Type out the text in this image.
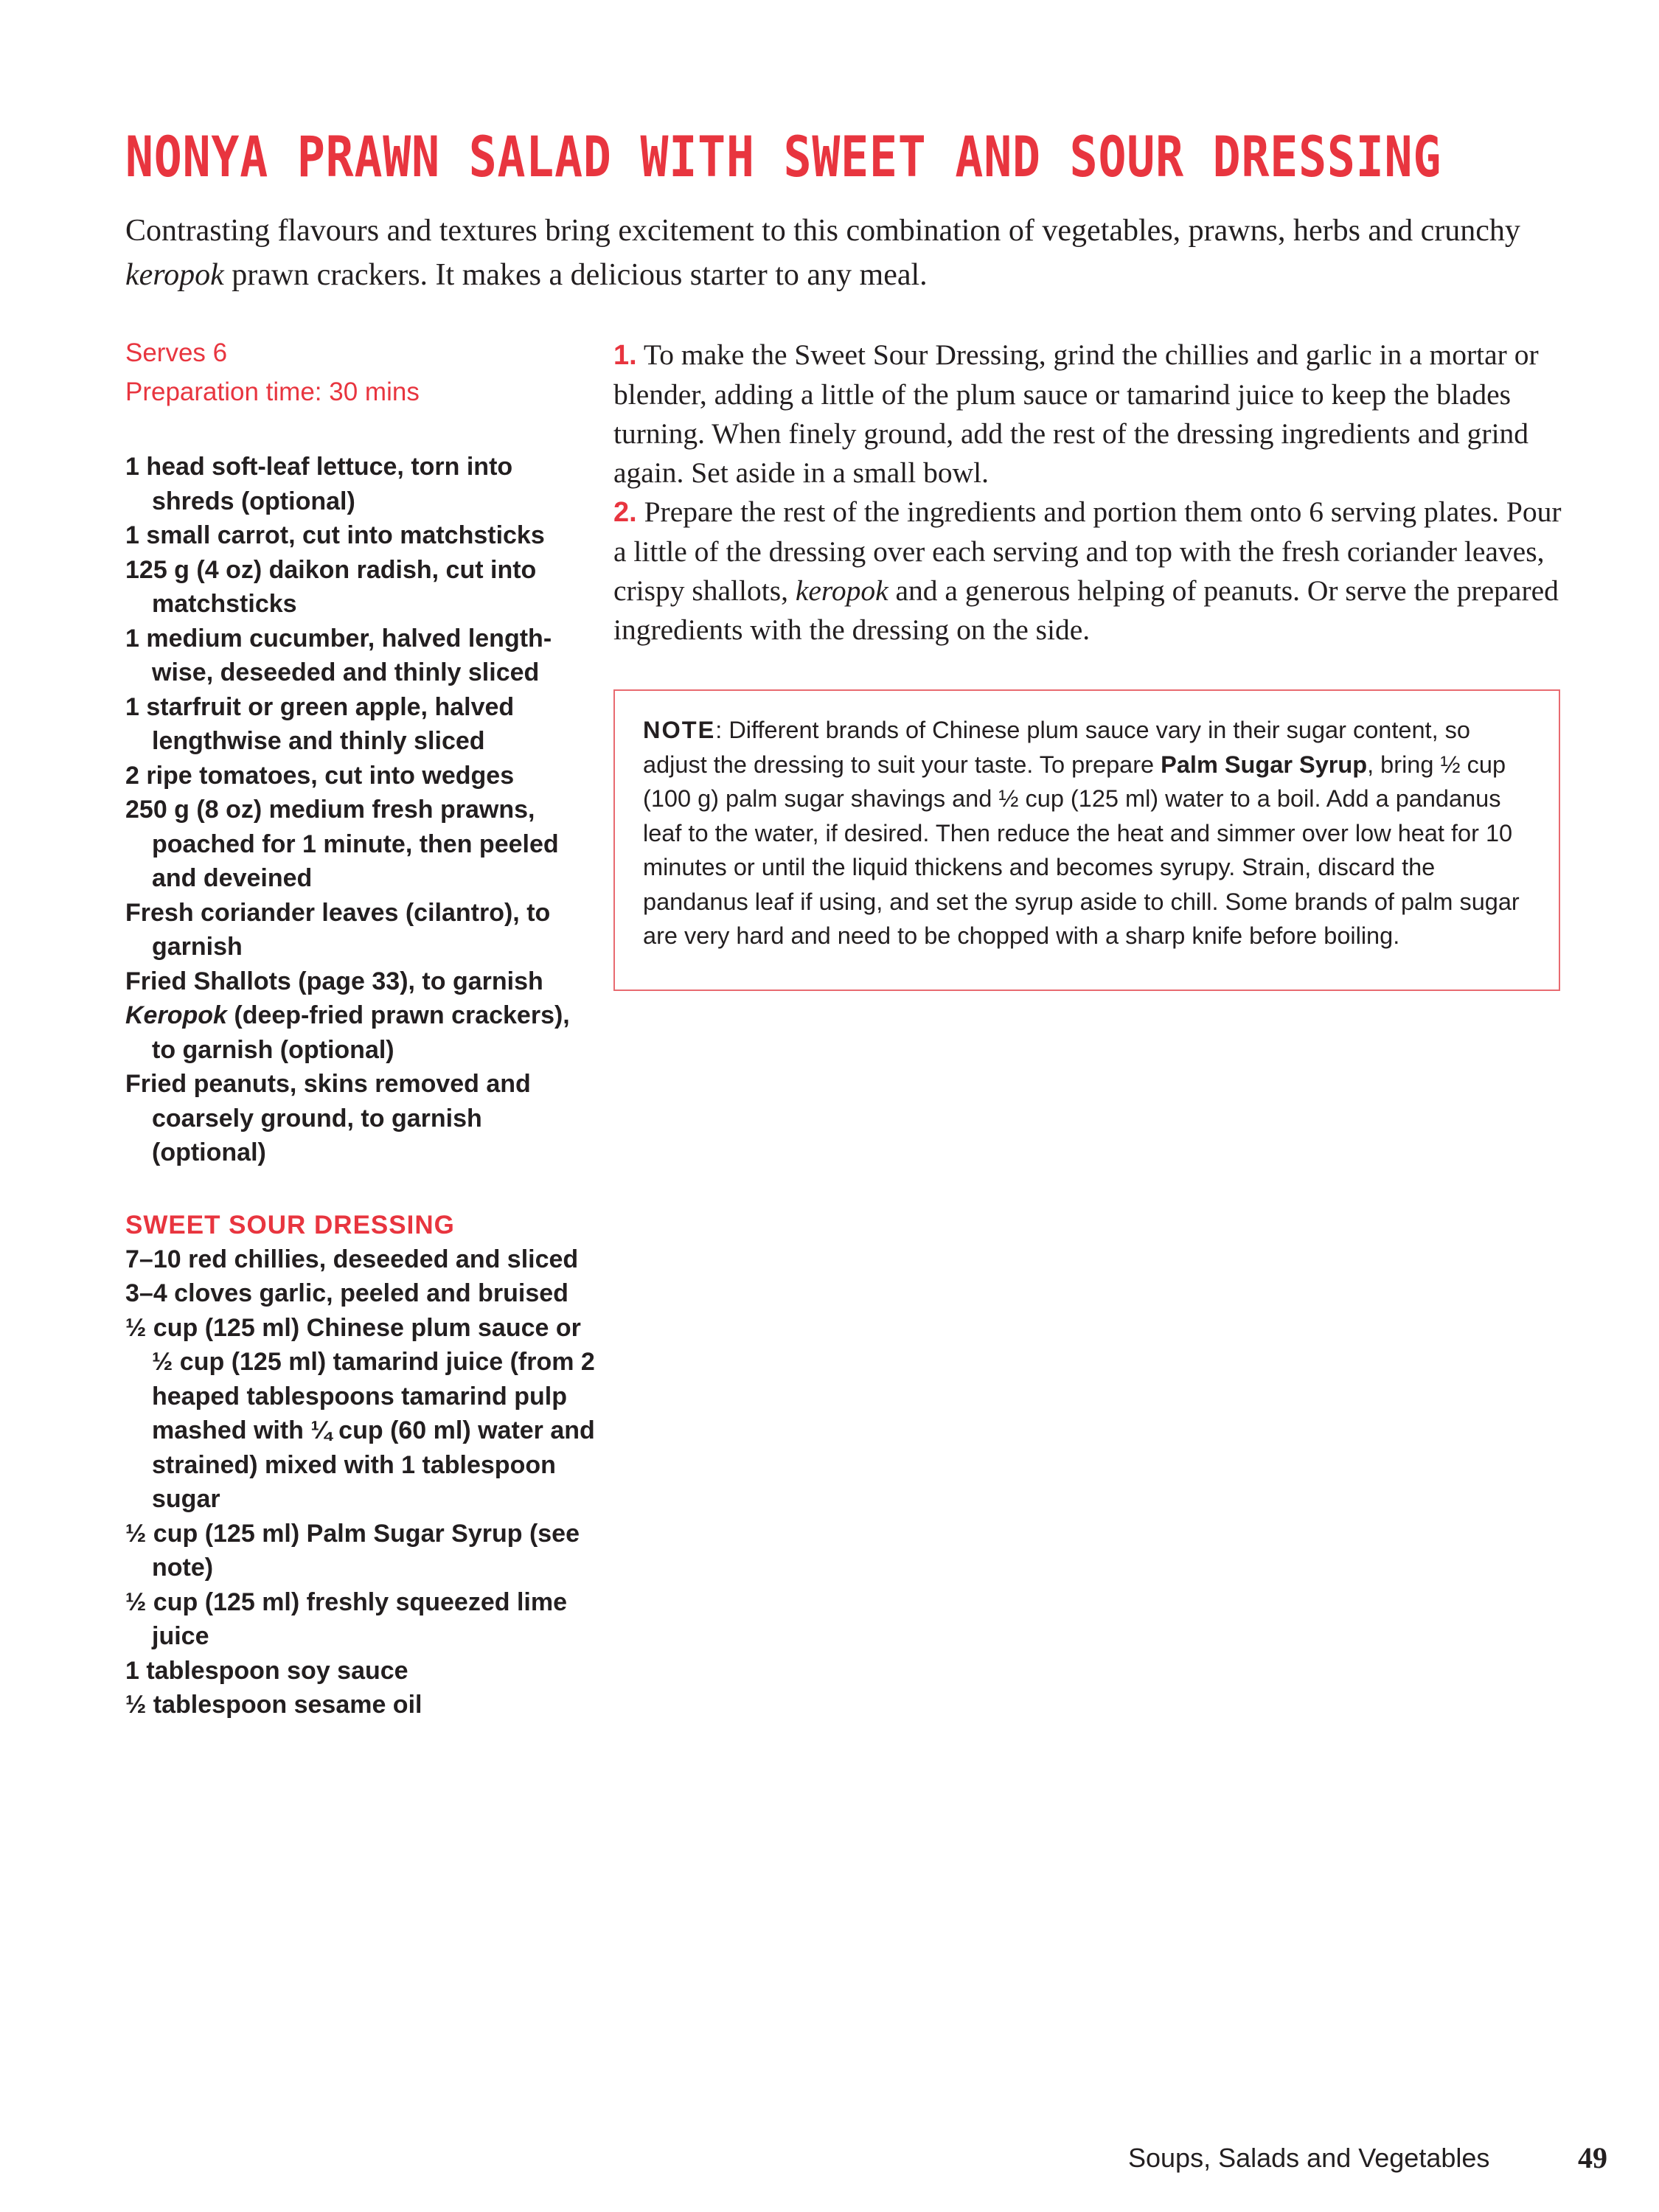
NONYA PRAWN SALAD WITH SWEET AND SOUR DRESSING
Contrasting flavours and textures bring excitement to this combination of vegetables, prawns, herbs and crunchy keropok prawn crackers. It makes a delicious starter to any meal.
Serves 6
Preparation time: 30 mins
1 head soft-leaf lettuce, torn into shreds (optional)
1 small carrot, cut into matchsticks
125 g (4 oz) daikon radish, cut into matchsticks
1 medium cucumber, halved lengthwise, deseeded and thinly sliced
1 starfruit or green apple, halved lengthwise and thinly sliced
2 ripe tomatoes, cut into wedges
250 g (8 oz) medium fresh prawns, poached for 1 minute, then peeled and deveined
Fresh coriander leaves (cilantro), to garnish
Fried Shallots (page 33), to garnish
Keropok (deep-fried prawn crackers), to garnish (optional)
Fried peanuts, skins removed and coarsely ground, to garnish (optional)
SWEET SOUR DRESSING
7–10 red chillies, deseeded and sliced
3–4 cloves garlic, peeled and bruised
½ cup (125 ml) Chinese plum sauce or ½ cup (125 ml) tamarind juice (from 2 heaped tablespoons tamarind pulp mashed with ¼ cup (60 ml) water and strained) mixed with 1 tablespoon sugar
½ cup (125 ml) Palm Sugar Syrup (see note)
½ cup (125 ml) freshly squeezed lime juice
1 tablespoon soy sauce
½ tablespoon sesame oil

1. To make the Sweet Sour Dressing, grind the chillies and garlic in a mortar or blender, adding a little of the plum sauce or tamarind juice to keep the blades turning. When finely ground, add the rest of the dressing ingredients and grind again. Set aside in a small bowl.

2. Prepare the rest of the ingredients and portion them onto 6 serving plates. Pour a little of the dressing over each serving and top with the fresh coriander leaves, crispy shallots, keropok and a generous helping of peanuts. Or serve the prepared ingredients with the dressing on the side.

NOTE: Different brands of Chinese plum sauce vary in their sugar content, so adjust the dressing to suit your taste. To prepare Palm Sugar Syrup, bring ½ cup (100 g) palm sugar shavings and ½ cup (125 ml) water to a boil. Add a pandanus leaf to the water, if desired. Then reduce the heat and simmer over low heat for 10 minutes or until the liquid thickens and becomes syrupy. Strain, discard the pandanus leaf if using, and set the syrup aside to chill. Some brands of palm sugar are very hard and need to be chopped with a sharp knife before boiling.
Soups, Salads and Vegetables	49
